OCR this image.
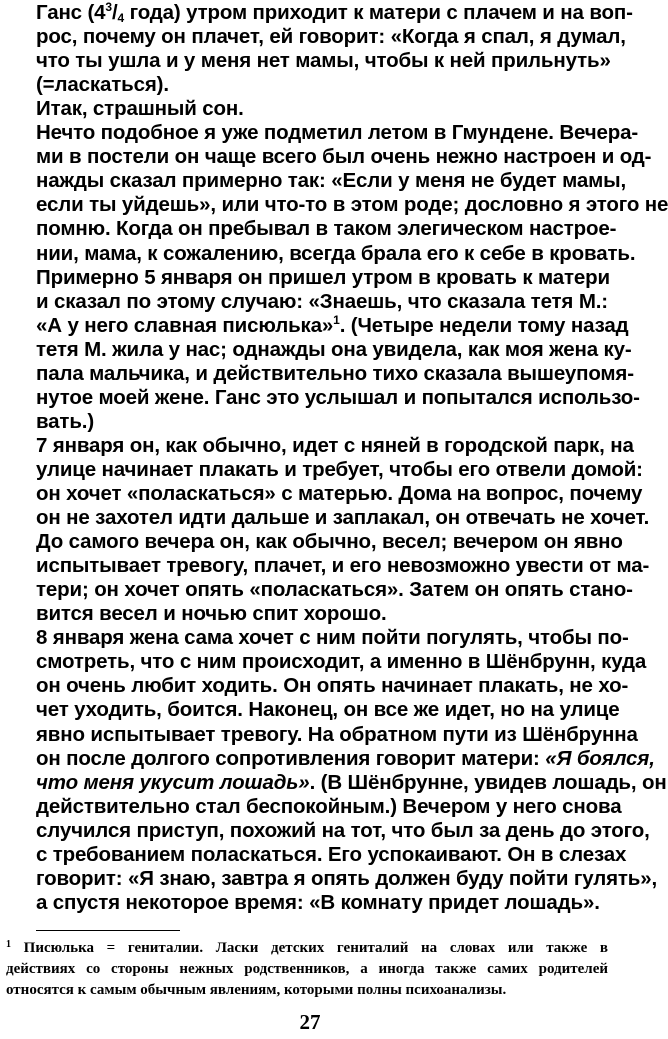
Ганс ($4^3/4$ года) утром приходит к матери с плачем и на воп-
рос, почему он плачет, ей говорит: «Когда я спал, я думал,
что ты ушла и у меня нет мамы, чтобы к ней прильнуть»
(=ласкаться).
Итак, страшный сон.
Нечто подобное я уже подметил летом в Гмундене. Вечера-
ми в постели он чаще всего был очень нежно настроен и од-
нажды сказал примерно так: «Если у меня не будет мамы,
если ты уйдешь», или что-то в этом роде; дословно я этого не
помню. Когда он пребывал в таком элегическом настрое-
нии, мама, к сожалению, всегда брала его к себе в кровать.
Примерно 5 января он пришел утром в кровать к матери
и сказал по этому случаю: «Знаешь, что сказала тетя М.:
«А у него славная писюлька»$^1$. (Четыре недели тому назад
тетя М. жила у нас; однажды она увидела, как моя жена ку-
пала мальчика, и действительно тихо сказала вышеупомя-
нутое моей жене. Ганс это услышал и попытался использо-
вать.)
7 января он, как обычно, идет с няней в городской парк, на
улице начинает плакать и требует, чтобы его отвели домой:
он хочет «поласкаться» с матерью. Дома на вопрос, почему
он не захотел идти дальше и заплакал, он отвечать не хочет.
До самого вечера он, как обычно, весел; вечером он явно
испытывает тревогу, плачет, и его невозможно увести от ма-
тери; он хочет опять «поласкаться». Затем он опять стано-
вится весел и ночью спит хорошо.
8 января жена сама хочет с ним пойти погулять, чтобы по-
смотреть, что с ним происходит, а именно в Шёнбрунн, куда
он очень любит ходить. Он опять начинает плакать, не хо-
чет уходить, боится. Наконец, он все же идет, но на улице
явно испытывает тревогу. На обратном пути из Шёнбрунна
он после долгого сопротивления говорит матери: «Я боялся,
что меня укусит лошадь». (В Шёнбрунне, увидев лошадь, он
действительно стал беспокойным.) Вечером у него снова
случился приступ, похожий на тот, что был за день до этого,
с требованием поласкаться. Его успокаивают. Он в слезах
говорит: «Я знаю, завтра я опять должен буду пойти гулять»,
а спустя некоторое время: «В комнату придет лошадь».
$^1$ Писюлька = гениталии. Ласки детских гениталий на словах или также в
действиях со стороны нежных родственников, а иногда также самих родителей
относятся к самым обычным явлениям, которыми полны психоанализы.
27
